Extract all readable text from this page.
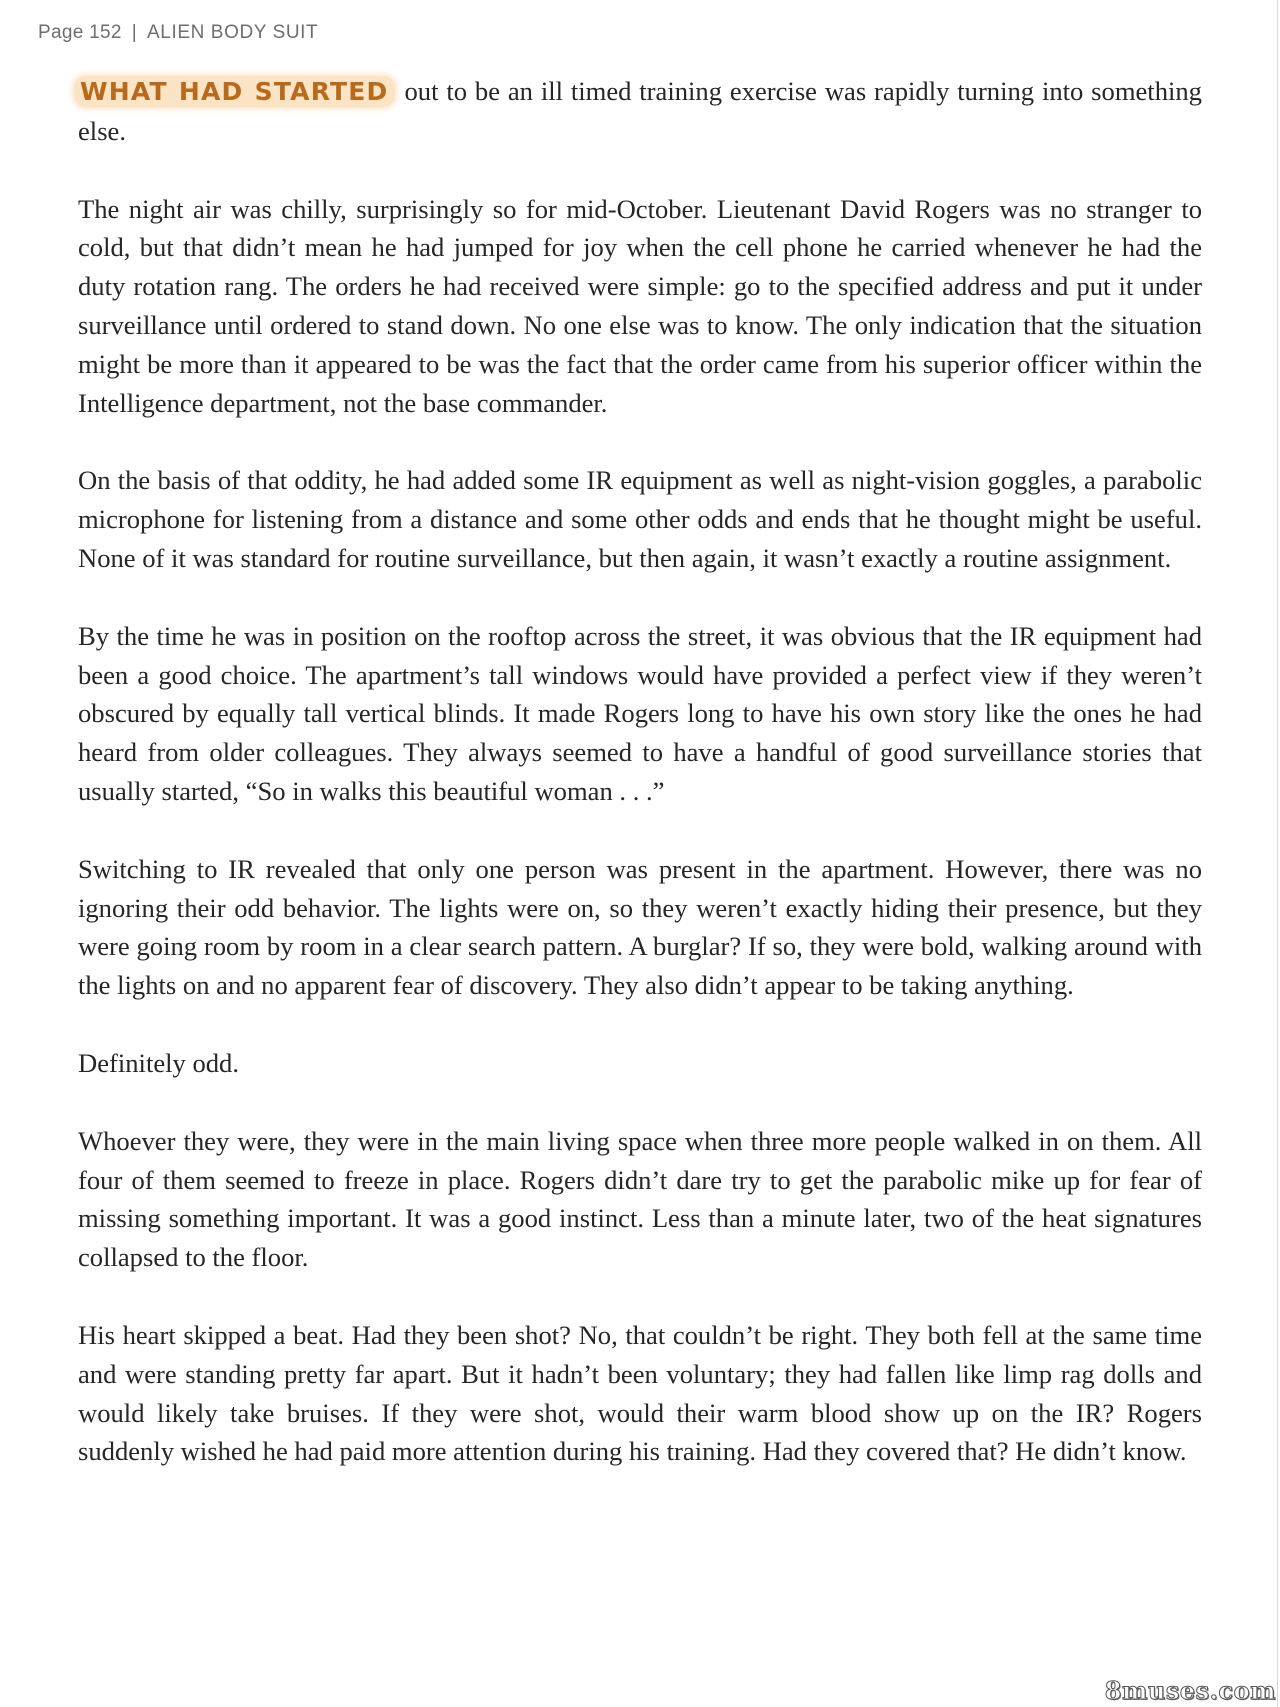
Page 152 | ALIEN BODY SUIT

WHAT HAD STARTED out to be an ill timed training exercise was rapidly turning into something else.

The night air was chilly, surprisingly so for mid-October. Lieutenant David Rogers was no stranger to cold, but that didn’t mean he had jumped for joy when the cell phone he carried whenever he had the duty rotation rang. The orders he had received were simple: go to the specified address and put it under surveillance until ordered to stand down. No one else was to know. The only indication that the situation might be more than it appeared to be was the fact that the order came from his superior officer within the Intelligence department, not the base commander.

On the basis of that oddity, he had added some IR equipment as well as night-vision goggles, a parabolic microphone for listening from a distance and some other odds and ends that he thought might be useful. None of it was standard for routine surveillance, but then again, it wasn’t exactly a routine assignment.

By the time he was in position on the rooftop across the street, it was obvious that the IR equipment had been a good choice. The apartment’s tall windows would have provided a perfect view if they weren’t obscured by equally tall vertical blinds. It made Rogers long to have his own story like the ones he had heard from older colleagues. They always seemed to have a handful of good surveillance stories that usually started, “So in walks this beautiful woman . . .”

Switching to IR revealed that only one person was present in the apartment. However, there was no ignoring their odd behavior. The lights were on, so they weren’t exactly hiding their presence, but they were going room by room in a clear search pattern. A burglar? If so, they were bold, walking around with the lights on and no apparent fear of discovery. They also didn’t appear to be taking anything.

Definitely odd.

Whoever they were, they were in the main living space when three more people walked in on them. All four of them seemed to freeze in place. Rogers didn’t dare try to get the parabolic mike up for fear of missing something important. It was a good instinct. Less than a minute later, two of the heat signatures collapsed to the floor.

His heart skipped a beat. Had they been shot? No, that couldn’t be right. They both fell at the same time and were standing pretty far apart. But it hadn’t been voluntary; they had fallen like limp rag dolls and would likely take bruises. If they were shot, would their warm blood show up on the IR? Rogers suddenly wished he had paid more attention during his training. Had they covered that? He didn’t know.

8muses.com
